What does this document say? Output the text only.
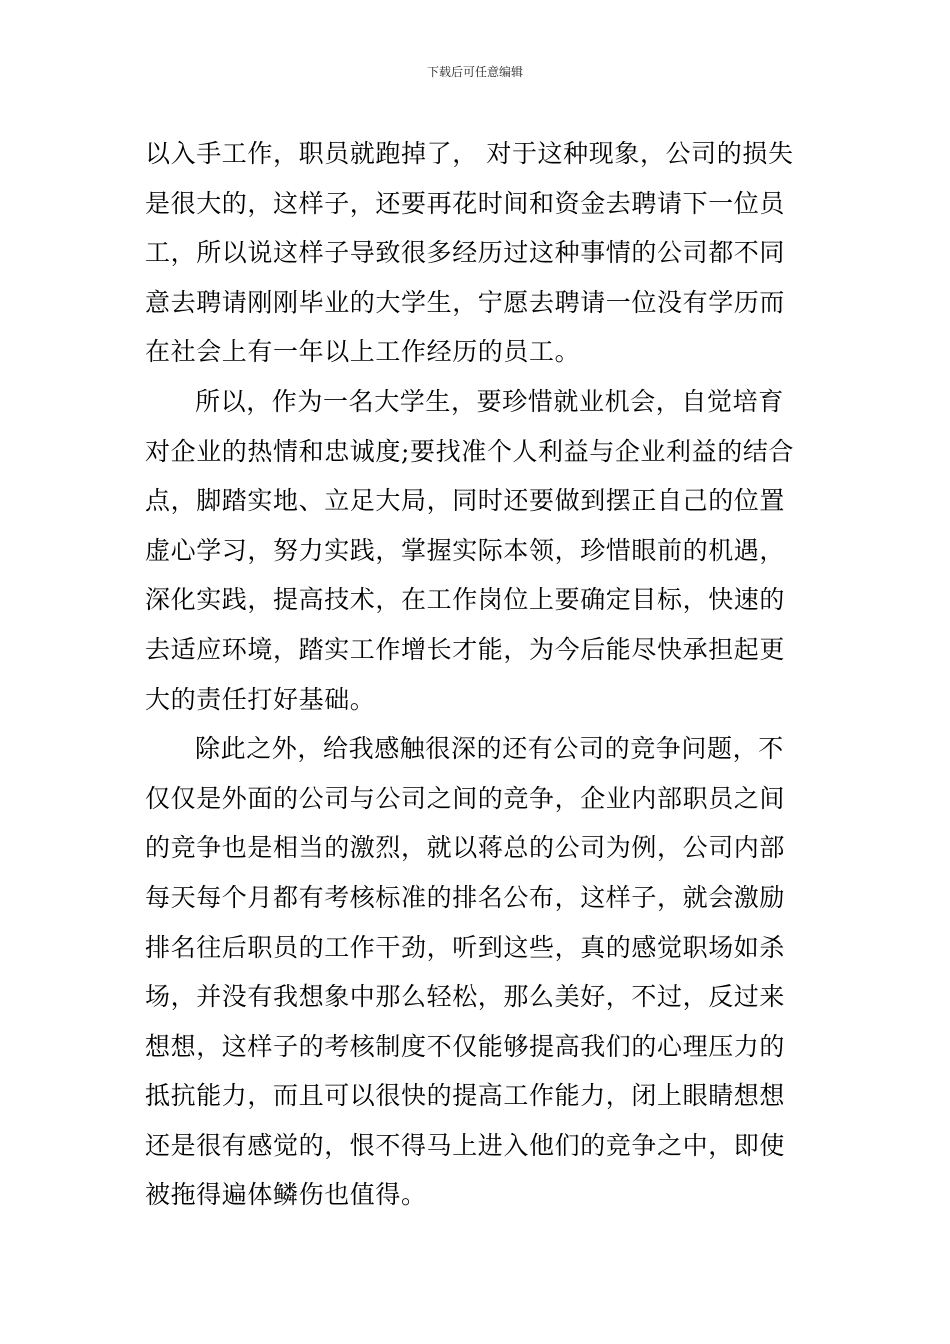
下载后可任意编辑
以入手工作，职员就跑掉了， 对于这种现象，公司的损失
是很大的，这样子，还要再花时间和资金去聘请下一位员
工，所以说这样子导致很多经历过这种事情的公司都不同
意去聘请刚刚毕业的大学生，宁愿去聘请一位没有学历而
在社会上有一年以上工作经历的员工。
所以，作为一名大学生，要珍惜就业机会，自觉培育
对企业的热情和忠诚度;要找准个人利益与企业利益的结合
点，脚踏实地、立足大局，同时还要做到摆正自己的位置
虚心学习，努力实践，掌握实际本领，珍惜眼前的机遇，
深化实践，提高技术，在工作岗位上要确定目标，快速的
去适应环境，踏实工作增长才能，为今后能尽快承担起更
大的责任打好基础。
除此之外，给我感触很深的还有公司的竞争问题，不
仅仅是外面的公司与公司之间的竞争，企业内部职员之间
的竞争也是相当的激烈，就以蒋总的公司为例，公司内部
每天每个月都有考核标准的排名公布，这样子，就会激励
排名往后职员的工作干劲，听到这些，真的感觉职场如杀
场，并没有我想象中那么轻松，那么美好，不过，反过来
想想，这样子的考核制度不仅能够提高我们的心理压力的
抵抗能力，而且可以很快的提高工作能力，闭上眼睛想想
还是很有感觉的，恨不得马上进入他们的竞争之中，即使
被拖得遍体鳞伤也值得。
